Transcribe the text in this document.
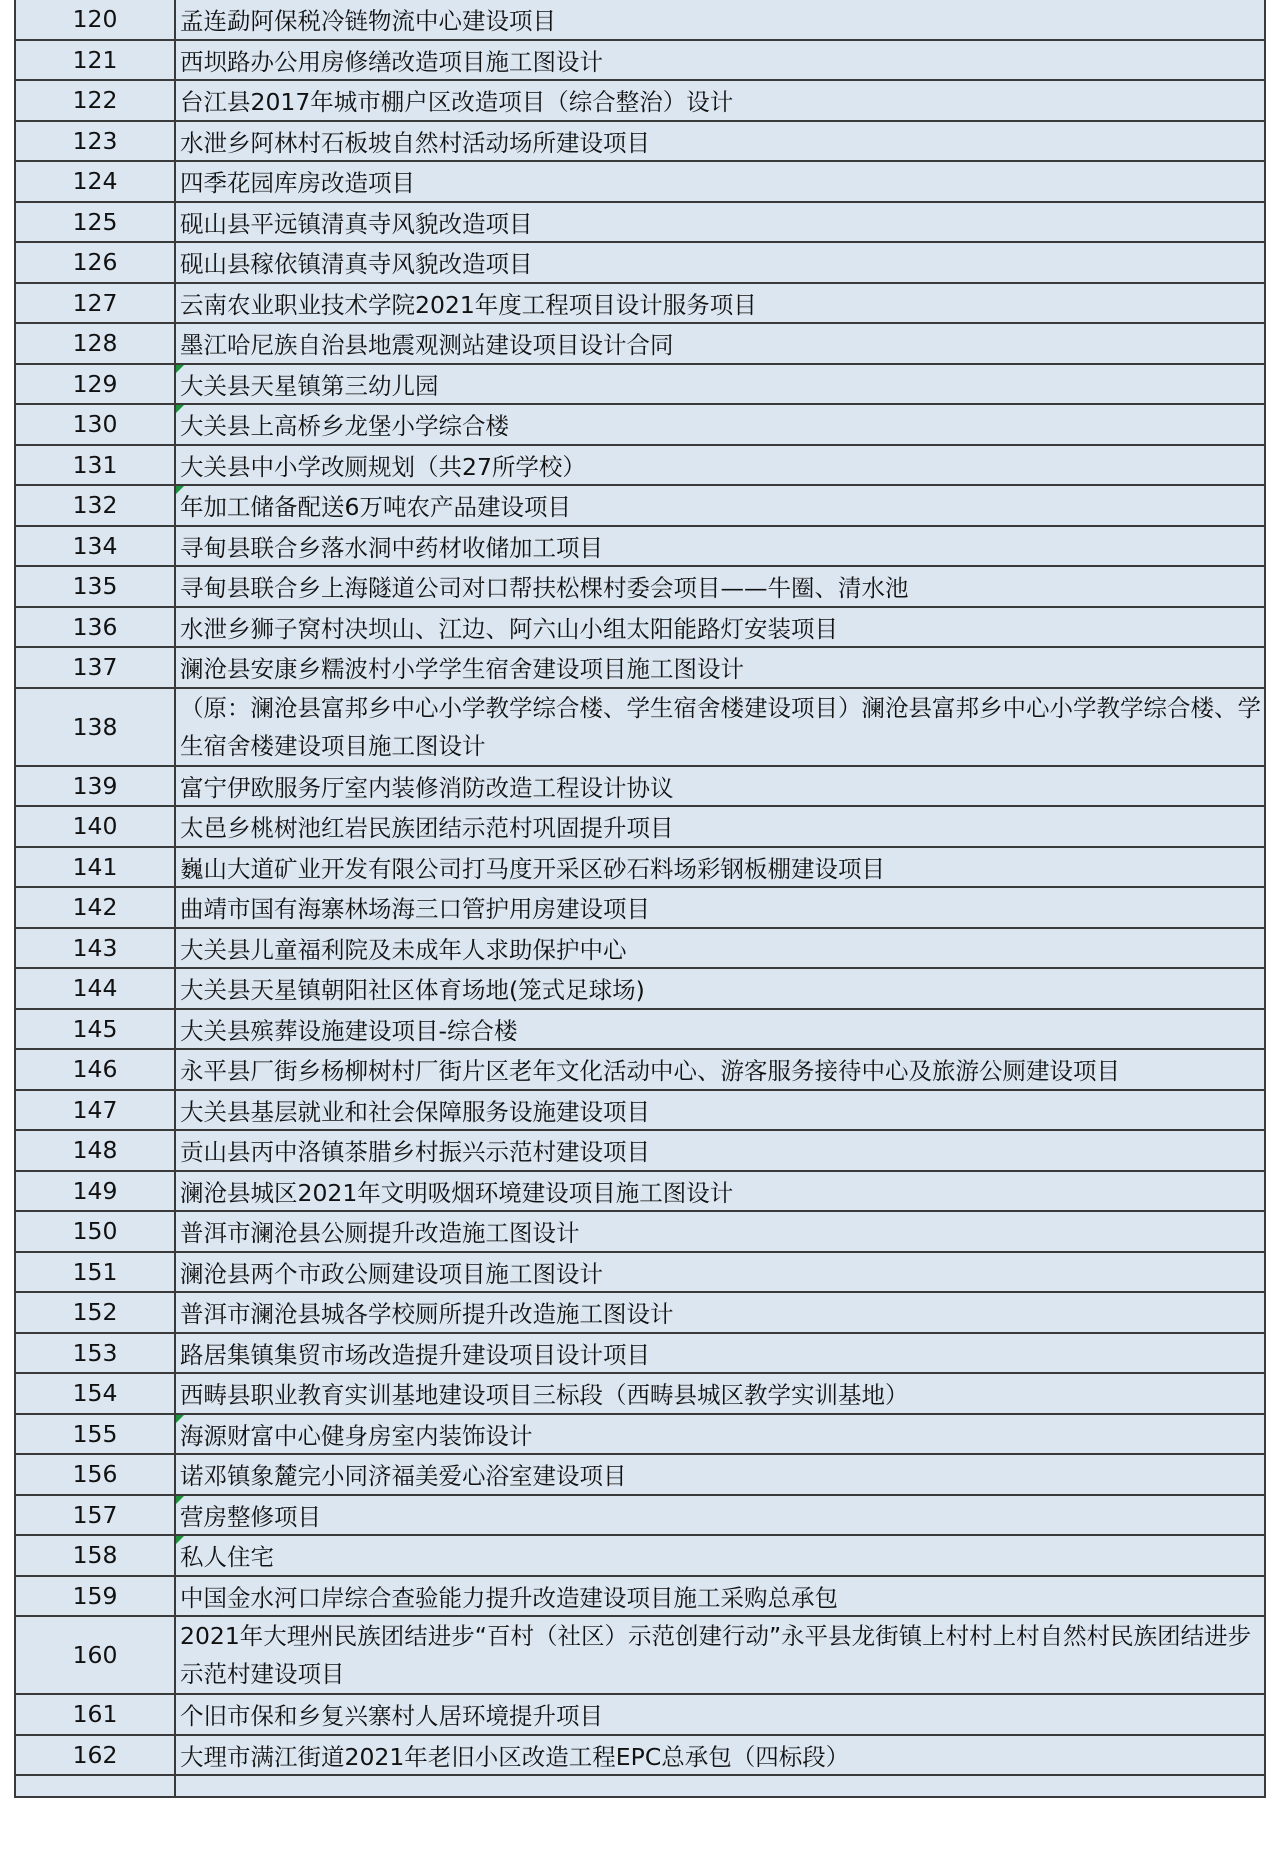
120	孟连勐阿保税冷链物流中心建设项目
121	西坝路办公用房修缮改造项目施工图设计
122	台江县2017年城市棚户区改造项目（综合整治）设计
123	水泄乡阿林村石板坡自然村活动场所建设项目
124	四季花园库房改造项目
125	砚山县平远镇清真寺风貌改造项目
126	砚山县稼依镇清真寺风貌改造项目
127	云南农业职业技术学院2021年度工程项目设计服务项目
128	墨江哈尼族自治县地震观测站建设项目设计合同
129	大关县天星镇第三幼儿园
130	大关县上高桥乡龙堡小学综合楼
131	大关县中小学改厕规划（共27所学校）
132	年加工储备配送6万吨农产品建设项目
134	寻甸县联合乡落水洞中药材收储加工项目
135	寻甸县联合乡上海隧道公司对口帮扶松棵村委会项目——牛圈、清水池
136	水泄乡狮子窝村决坝山、江边、阿六山小组太阳能路灯安装项目
137	澜沧县安康乡糯波村小学学生宿舍建设项目施工图设计
138	（原：澜沧县富邦乡中心小学教学综合楼、学生宿舍楼建设项目）澜沧县富邦乡中心小学教学综合楼、学生宿舍楼建设项目施工图设计
139	富宁伊欧服务厅室内装修消防改造工程设计协议
140	太邑乡桃树池红岩民族团结示范村巩固提升项目
141	巍山大道矿业开发有限公司打马度开采区砂石料场彩钢板棚建设项目
142	曲靖市国有海寨林场海三口管护用房建设项目
143	大关县儿童福利院及未成年人求助保护中心
144	大关县天星镇朝阳社区体育场地(笼式足球场)
145	大关县殡葬设施建设项目-综合楼
146	永平县厂街乡杨柳树村厂街片区老年文化活动中心、游客服务接待中心及旅游公厕建设项目
147	大关县基层就业和社会保障服务设施建设项目
148	贡山县丙中洛镇茶腊乡村振兴示范村建设项目
149	澜沧县城区2021年文明吸烟环境建设项目施工图设计
150	普洱市澜沧县公厕提升改造施工图设计
151	澜沧县两个市政公厕建设项目施工图设计
152	普洱市澜沧县城各学校厕所提升改造施工图设计
153	路居集镇集贸市场改造提升建设项目设计项目
154	西畴县职业教育实训基地建设项目三标段（西畴县城区教学实训基地）
155	海源财富中心健身房室内装饰设计
156	诺邓镇象麓完小同济福美爱心浴室建设项目
157	营房整修项目
158	私人住宅
159	中国金水河口岸综合查验能力提升改造建设项目施工采购总承包
160	2021年大理州民族团结进步“百村（社区）示范创建行动”永平县龙街镇上村村上村自然村民族团结进步示范村建设项目
161	个旧市保和乡复兴寨村人居环境提升项目
162	大理市满江街道2021年老旧小区改造工程EPC总承包（四标段）
